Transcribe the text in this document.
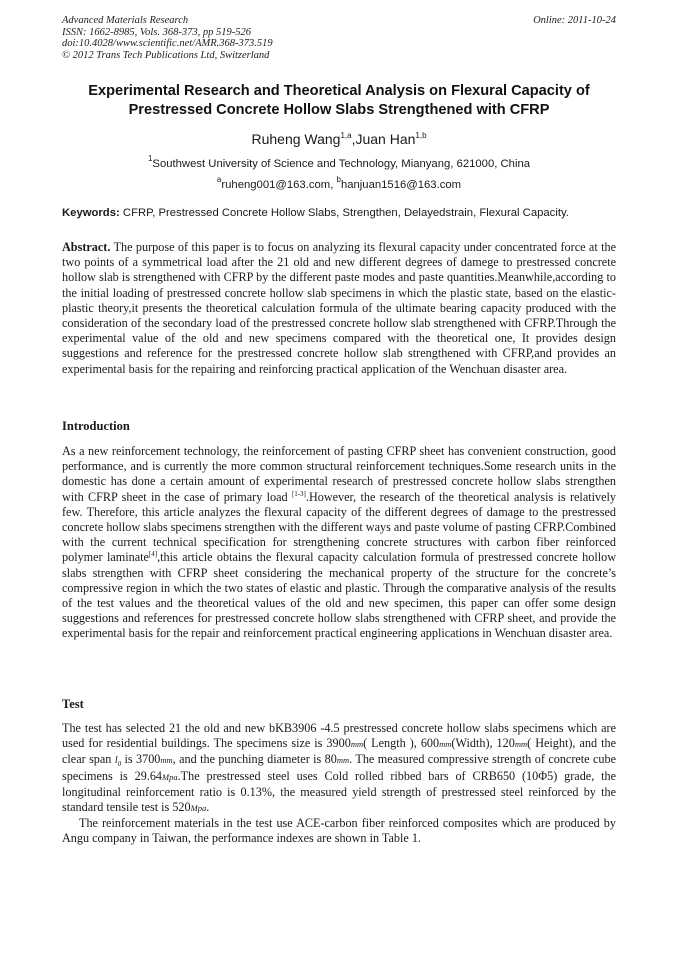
Advanced Materials Research
ISSN: 1662-8985, Vols. 368-373, pp 519-526
doi:10.4028/www.scientific.net/AMR.368-373.519
© 2012 Trans Tech Publications Ltd, Switzerland
Online: 2011-10-24
Experimental Research and Theoretical Analysis on Flexural Capacity of
Prestressed Concrete Hollow Slabs Strengthened with CFRP
Ruheng Wang$^{1,a}$,Juan Han$^{1,b}$
$^1$Southwest University of Science and Technology, Mianyang, 621000, China
$^a$ruheng001@163.com, $^b$hanjuan1516@163.com
Keywords: CFRP, Prestressed Concrete Hollow Slabs, Strengthen, Delayedstrain, Flexural Capacity.
Abstract. The purpose of this paper is to focus on analyzing its flexural capacity under concentrated force at the two points of a symmetrical load after the 21 old and new different degrees of damege to prestressed concrete hollow slab is strengthened with CFRP by the different paste modes and paste quantities.Meanwhile,according to the initial loading of prestressed concrete hollow slab specimens in which the plastic state, based on the elastic-plastic theory,it presents the theoretical calculation formula of the ultimate bearing capacity produced with the consideration of the secondary load of the prestressed concrete hollow slab strengthened with CFRP.Through the experimental value of the old and new specimens compared with the theoretical one, It provides design suggestions and reference for the prestressed concrete hollow slab strengthened with CFRP,and provides an experimental basis for the repairing and reinforcing practical application of the Wenchuan disaster area.
Introduction
As a new reinforcement technology, the reinforcement of pasting CFRP sheet has convenient construction, good performance, and is currently the more common structural reinforcement techniques.Some research units in the domestic has done a certain amount of experimental research of prestressed concrete hollow slabs strengthen with CFRP sheet in the case of primary load [1-3].However, the research of the theoretical analysis is relatively few. Therefore, this article analyzes the flexural capacity of the different degrees of damage to the prestressed concrete hollow slabs specimens strengthen with the different ways and paste volume of pasting CFRP.Combined with the current technical specification for strengthening concrete structures with carbon fiber reinforced polymer laminate[4],this article obtains the flexural capacity calculation formula of prestressed concrete hollow slabs strengthen with CFRP sheet considering the mechanical property of the structure for the concrete’s compressive region in which the two states of elastic and plastic. Through the comparative analysis of the results of the test values and the theoretical values of the old and new specimen, this paper can offer some design suggestions and references for prestressed concrete hollow slabs strengthened with CFRP sheet, and provide the experimental basis for the repair and reinforcement practical engineering applications in Wenchuan disaster area.
Test
The test has selected 21 the old and new bKB3906 -4.5 prestressed concrete hollow slabs specimens which are used for residential buildings. The specimens size is 3900mm( Length ), 600mm(Width), 120mm( Height), and the clear span $l_0$ is 3700mm, and the punching diameter is 80mm. The measured compressive strength of concrete cube specimens is 29.64Mpa.The prestressed steel uses Cold rolled ribbed bars of CRB650 (10Φ5) grade, the longitudinal reinforcement ratio is 0.13%, the measured yield strength of prestressed steel reinforced by the standard tensile test is 520Mpa.
The reinforcement materials in the test use ACE-carbon fiber reinforced composites which are produced by Angu company in Taiwan, the performance indexes are shown in Table 1.
